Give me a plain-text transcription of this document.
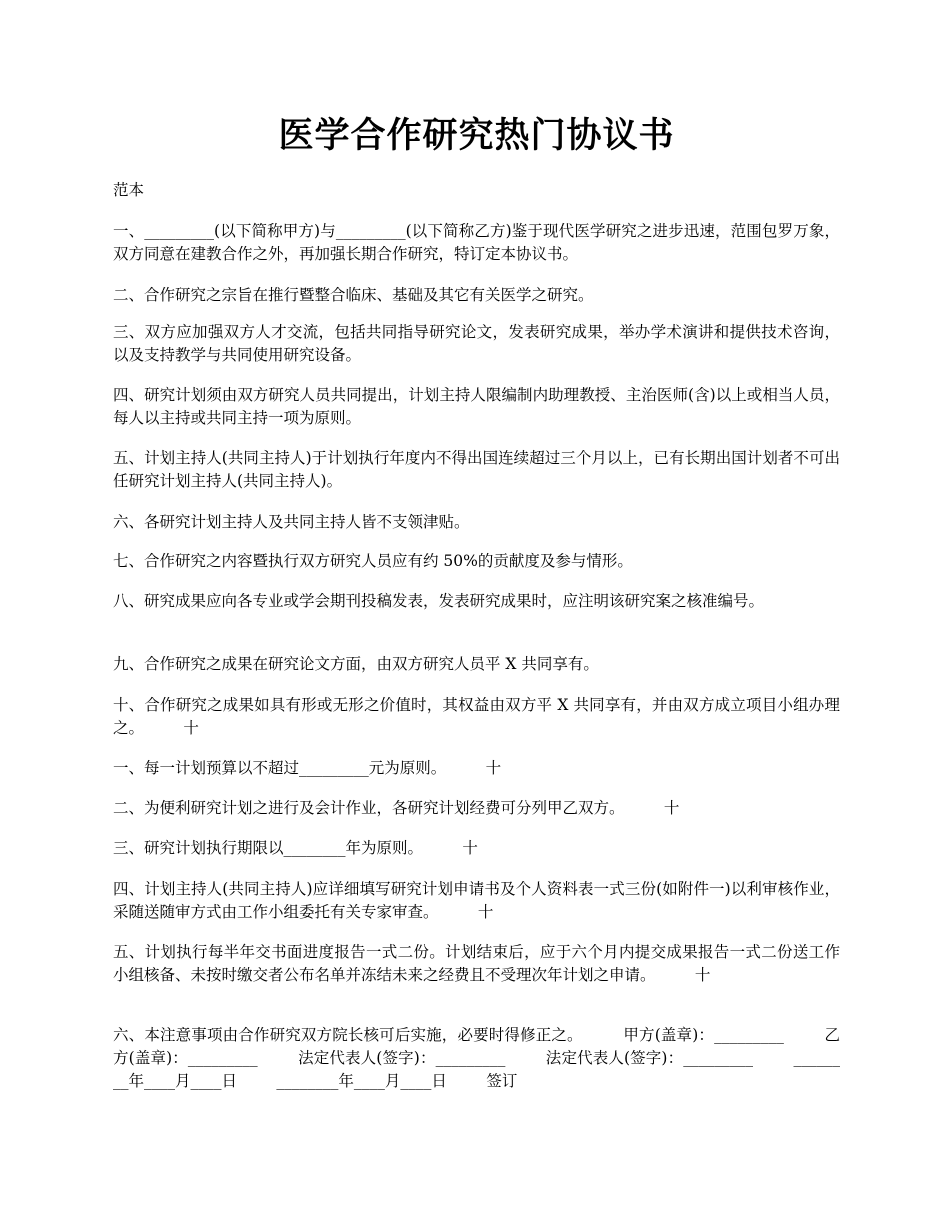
医学合作研究热门协议书

范本

一、_________(以下简称甲方)与_________(以下简称乙方)鉴于现代医学研究之进步迅速，范围包罗万象，双方同意在建教合作之外，再加强长期合作研究，特订定本协议书。

二、合作研究之宗旨在推行暨整合临床、基础及其它有关医学之研究。

三、双方应加强双方人才交流，包括共同指导研究论文，发表研究成果，举办学术演讲和提供技术咨询，以及支持教学与共同使用研究设备。

四、研究计划须由双方研究人员共同提出，计划主持人限编制内助理教授、主治医师(含)以上或相当人员，每人以主持或共同主持一项为原则。

五、计划主持人(共同主持人)于计划执行年度内不得出国连续超过三个月以上，已有长期出国计划者不可出任研究计划主持人(共同主持人)。

六、各研究计划主持人及共同主持人皆不支领津贴。

七、合作研究之内容暨执行双方研究人员应有约 50%的贡献度及参与情形。

八、研究成果应向各专业或学会期刊投稿发表，发表研究成果时，应注明该研究案之核准编号。

九、合作研究之成果在研究论文方面，由双方研究人员平 X 共同享有。

十、合作研究之成果如具有形或无形之价值时，其权益由双方平 X 共同享有，并由双方成立项目小组办理之。        十

一、每一计划预算以不超过_________元为原则。        十

二、为便利研究计划之进行及会计作业，各研究计划经费可分列甲乙双方。        十

三、研究计划执行期限以________年为原则。        十

四、计划主持人(共同主持人)应详细填写研究计划申请书及个人资料表一式三份(如附件一)以利审核作业，采随送随审方式由工作小组委托有关专家审查。        十

五、计划执行每半年交书面进度报告一式二份。计划结束后，应于六个月内提交成果报告一式二份送工作小组核备、未按时缴交者公布名单并冻结未来之经费且不受理次年计划之申请。        十

六、本注意事项由合作研究双方院长核可后实施，必要时得修正之。        甲方(盖章)：_________        乙方(盖章)：_________        法定代表人(签字)：_________        法定代表人(签字)：_________        ________年____月____日        ________年____月____日        签订
